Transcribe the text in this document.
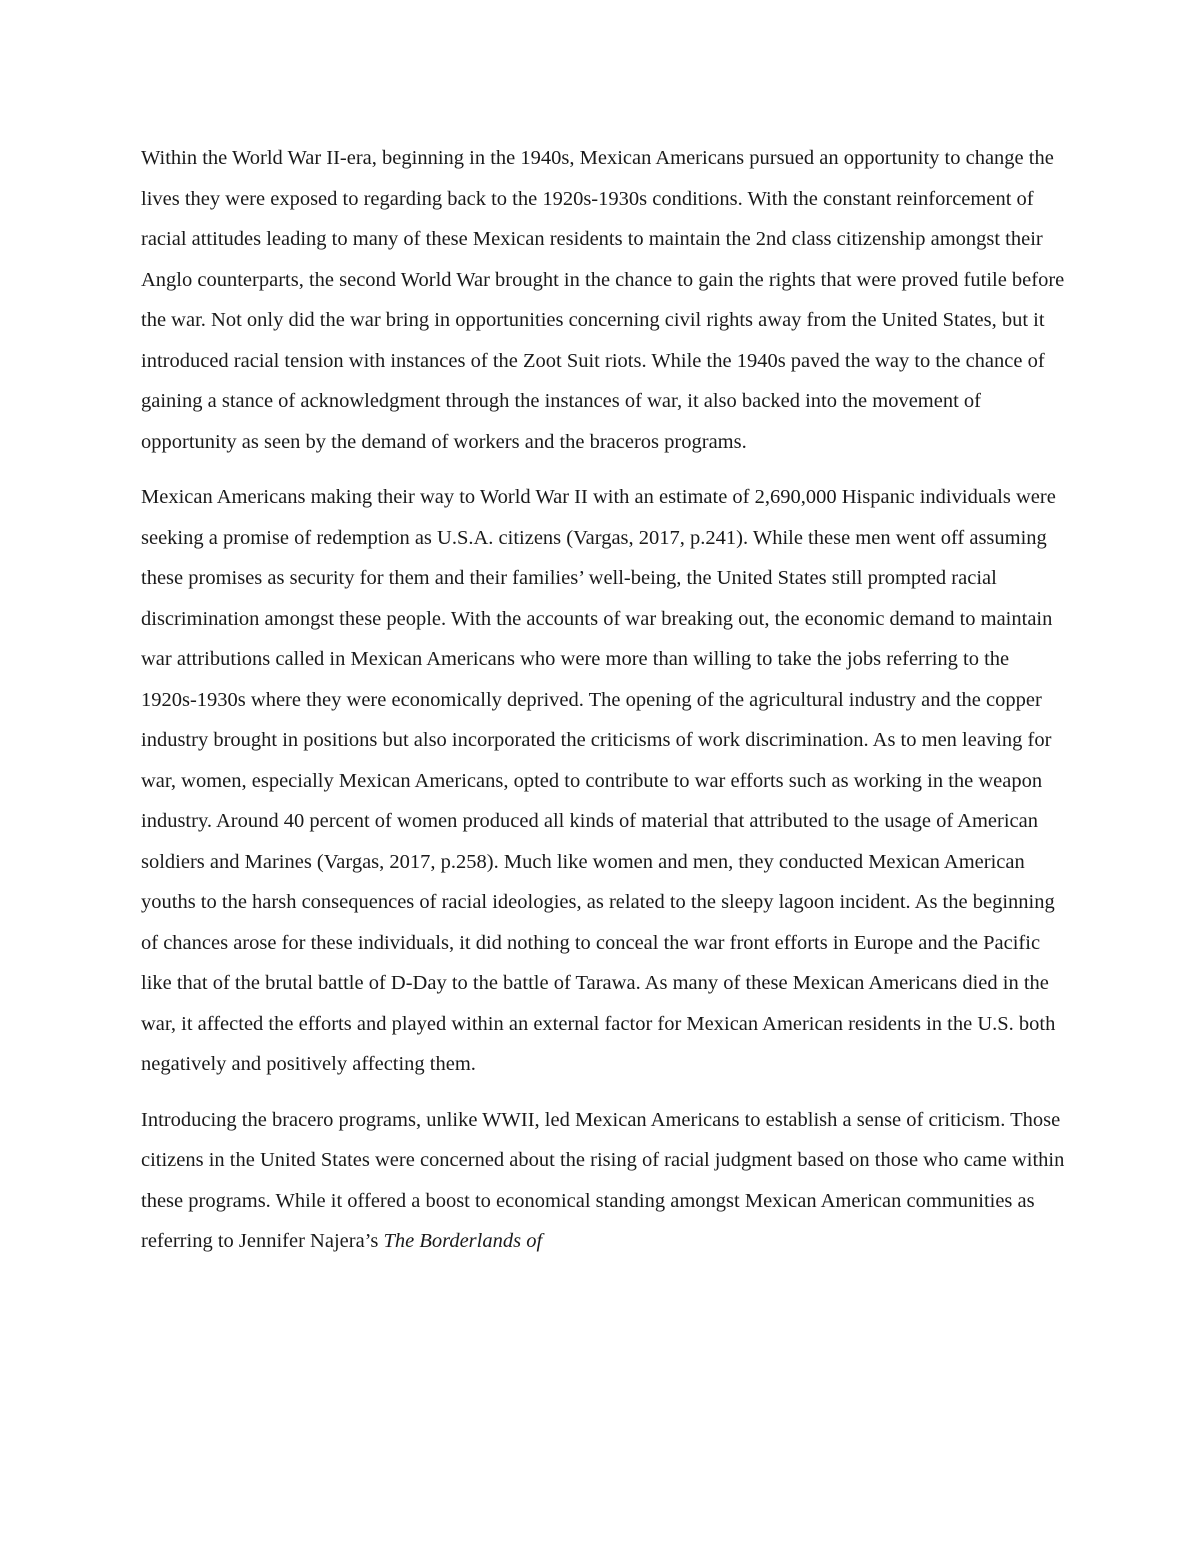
Within the World War II-era, beginning in the 1940s, Mexican Americans pursued an opportunity to change the lives they were exposed to regarding back to the 1920s-1930s conditions. With the constant reinforcement of racial attitudes leading to many of these Mexican residents to maintain the 2nd class citizenship amongst their Anglo counterparts, the second World War brought in the chance to gain the rights that were proved futile before the war. Not only did the war bring in opportunities concerning civil rights away from the United States, but it introduced racial tension with instances of the Zoot Suit riots. While the 1940s paved the way to the chance of gaining a stance of acknowledgment through the instances of war, it also backed into the movement of opportunity as seen by the demand of workers and the braceros programs.

Mexican Americans making their way to World War II with an estimate of 2,690,000 Hispanic individuals were seeking a promise of redemption as U.S.A. citizens (Vargas, 2017, p.241). While these men went off assuming these promises as security for them and their families’ well-being, the United States still prompted racial discrimination amongst these people. With the accounts of war breaking out, the economic demand to maintain war attributions called in Mexican Americans who were more than willing to take the jobs referring to the 1920s-1930s where they were economically deprived. The opening of the agricultural industry and the copper industry brought in positions but also incorporated the criticisms of work discrimination. As to men leaving for war, women, especially Mexican Americans, opted to contribute to war efforts such as working in the weapon industry. Around 40 percent of women produced all kinds of material that attributed to the usage of American soldiers and Marines (Vargas, 2017, p.258). Much like women and men, they conducted Mexican American youths to the harsh consequences of racial ideologies, as related to the sleepy lagoon incident. As the beginning of chances arose for these individuals, it did nothing to conceal the war front efforts in Europe and the Pacific like that of the brutal battle of D-Day to the battle of Tarawa. As many of these Mexican Americans died in the war, it affected the efforts and played within an external factor for Mexican American residents in the U.S. both negatively and positively affecting them.

Introducing the bracero programs, unlike WWII, led Mexican Americans to establish a sense of criticism. Those citizens in the United States were concerned about the rising of racial judgment based on those who came within these programs. While it offered a boost to economical standing amongst Mexican American communities as referring to Jennifer Najera’s The Borderlands of
